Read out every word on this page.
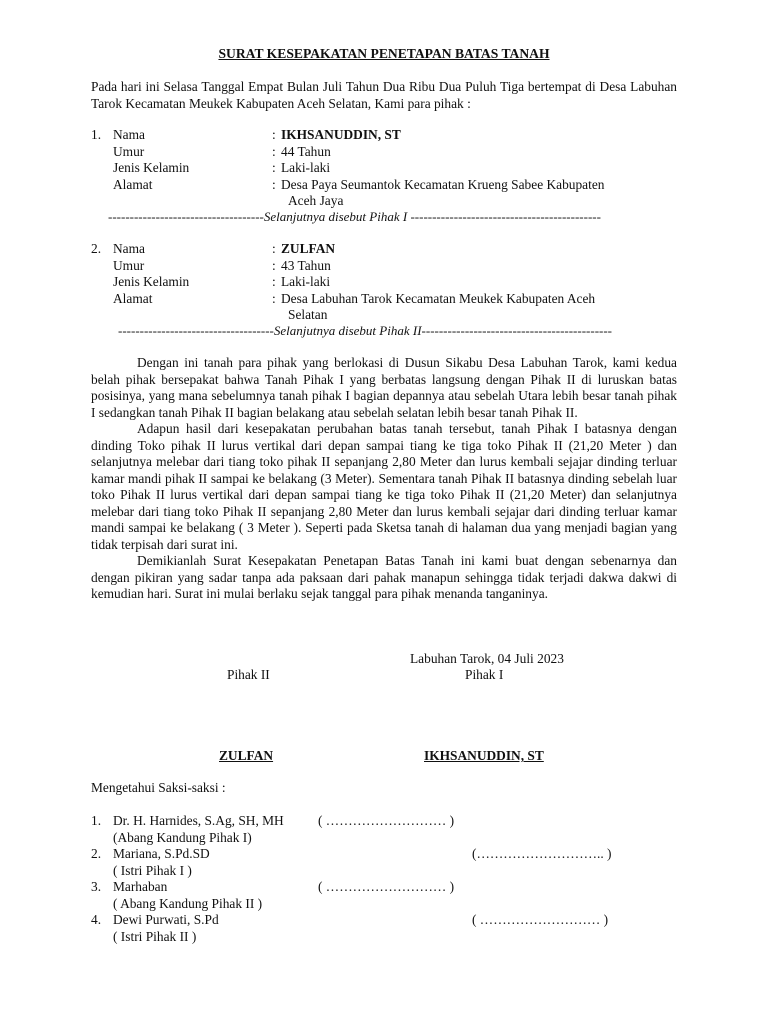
SURAT KESEPAKATAN PENETAPAN BATAS TANAH

Pada hari ini Selasa Tanggal Empat Bulan Juli Tahun Dua Ribu Dua Puluh Tiga bertempat di Desa Labuhan Tarok Kecamatan Meukek Kabupaten Aceh Selatan, Kami para pihak :

1. Nama	: IKHSANUDDIN, ST
Umur	: 44 Tahun
Jenis Kelamin	: Laki-laki
Alamat	: Desa Paya Seumantok Kecamatan Krueng Sabee Kabupaten
Aceh Jaya
------------------------------------Selanjutnya disebut Pihak I --------------------------------------------
2. Nama	: ZULFAN
Umur	: 43 Tahun
Jenis Kelamin	: Laki-laki
Alamat	: Desa Labuhan Tarok Kecamatan Meukek Kabupaten Aceh
Selatan
------------------------------------Selanjutnya disebut Pihak II--------------------------------------------

Dengan ini tanah para pihak yang berlokasi di Dusun Sikabu Desa Labuhan Tarok, kami kedua belah pihak bersepakat bahwa Tanah Pihak I yang berbatas langsung dengan Pihak II di luruskan batas posisinya, yang mana sebelumnya tanah pihak I bagian depannya atau sebelah Utara lebih besar tanah pihak I sedangkan tanah Pihak II bagian belakang atau sebelah selatan lebih besar tanah Pihak II.

Adapun hasil dari kesepakatan perubahan batas tanah tersebut, tanah Pihak I batasnya dengan dinding Toko pihak II lurus vertikal dari depan sampai tiang ke tiga toko Pihak II (21,20 Meter ) dan selanjutnya melebar dari tiang toko pihak II sepanjang 2,80 Meter dan lurus kembali sejajar dinding terluar kamar mandi pihak II sampai ke belakang (3 Meter). Sementara tanah Pihak II batasnya dinding sebelah luar toko Pihak II lurus vertikal dari depan sampai tiang ke tiga toko Pihak II (21,20 Meter) dan selanjutnya melebar dari tiang toko Pihak II sepanjang 2,80 Meter dan lurus kembali sejajar dari dinding terluar kamar mandi sampai ke belakang ( 3 Meter ). Seperti pada Sketsa tanah di halaman dua yang menjadi bagian yang tidak terpisah dari surat ini.

Demikianlah Surat Kesepakatan Penetapan Batas Tanah ini kami buat dengan sebenarnya dan dengan pikiran yang sadar tanpa ada paksaan dari pahak manapun sehingga tidak terjadi dakwa dakwi di kemudian hari. Surat ini mulai berlaku sejak tanggal para pihak menanda tanganinya.

Labuhan Tarok, 04 Juli 2023
Pihak II	Pihak I
ZULFAN	IKHSANUDDIN, ST
Mengetahui Saksi-saksi :
1. Dr. H. Harnides, S.Ag, SH, MH	( ……………………… )
(Abang Kandung Pihak I)
2. Mariana, S.Pd.SD	(……………………….. )
( Istri Pihak I )
3. Marhaban	( ……………………… )
( Abang Kandung Pihak II )
4. Dewi Purwati, S.Pd	( ……………………… )
( Istri Pihak II )
